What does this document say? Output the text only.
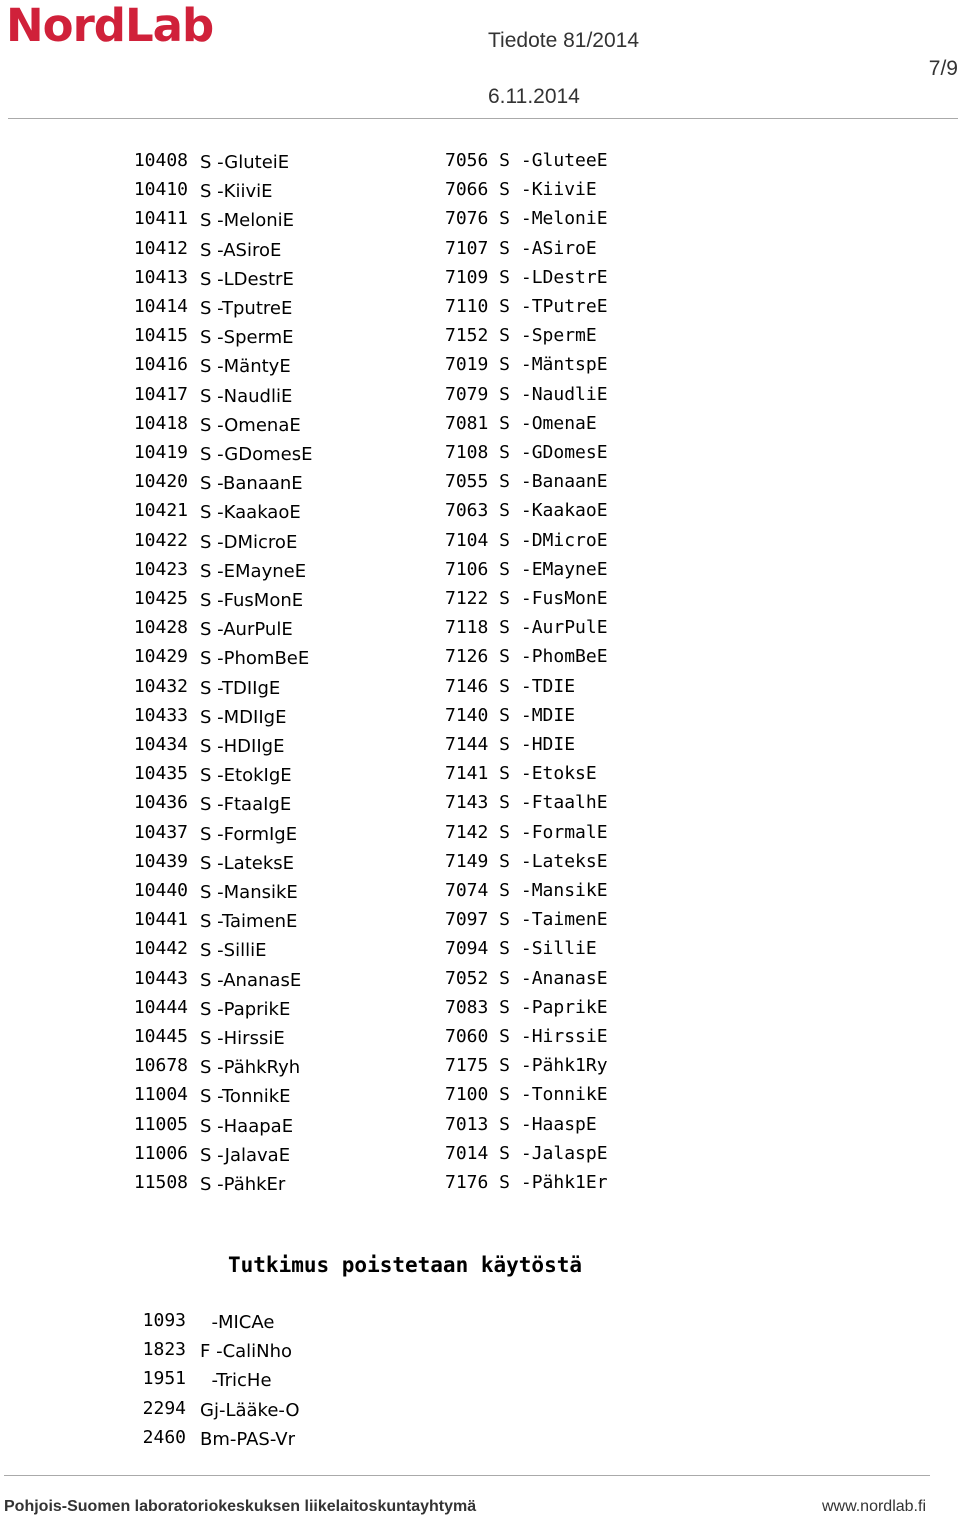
NordLab	Tiedote 81/2014
6.11.2014
7/9
10408 S -GluteiE	7056 S -GluteeE
10410 S -KiiviE	7066 S -KiiviE
10411 S -MeloniE	7076 S -MeloniE
10412 S -ASiroE	7107 S -ASiroE
10413 S -LDestrE	7109 S -LDestrE
10414 S -TputreE	7110 S -TPutreE
10415 S -SpermE	7152 S -SpermE
10416 S -MäntyE	7019 S -MäntspE
10417 S -NaudliE	7079 S -NaudliE
10418 S -OmenaE	7081 S -OmenaE
10419 S -GDomesE	7108 S -GDomesE
10420 S -BanaanE	7055 S -BanaanE
10421 S -KaakaoE	7063 S -KaakaoE
10422 S -DMicroE	7104 S -DMicroE
10423 S -EMayneE	7106 S -EMayneE
10425 S -FusMonE	7122 S -FusMonE
10428 S -AurPulE	7118 S -AurPulE
10429 S -PhomBeE	7126 S -PhomBeE
10432 S -TDIIgE	7146 S -TDIE
10433 S -MDIIgE	7140 S -MDIE
10434 S -HDIIgE	7144 S -HDIE
10435 S -EtokIgE	7141 S -EtoksE
10436 S -FtaaIgE	7143 S -FtaalhE
10437 S -FormIgE	7142 S -FormalE
10439 S -LateksE	7149 S -LateksE
10440 S -MansikE	7074 S -MansikE
10441 S -TaimenE	7097 S -TaimenE
10442 S -SilliE	7094 S -SilliE
10443 S -AnanasE	7052 S -AnanasE
10444 S -PaprikE	7083 S -PaprikE
10445 S -HirssiE	7060 S -HirssiE
10678 S -PähkRyh	7175 S -Pähk1Ry
11004 S -TonnikE	7100 S -TonnikE
11005 S -HaapaE	7013 S -HaaspE
11006 S -JalavaE	7014 S -JalaspE
11508 S -PähkEr	7176 S -Pähk1Er
Tutkimus poistetaan käytöstä
1093 -MICAe
1823 F -CaliNho
1951 -TricHe
2294 Gj-Lääke-O
2460 Bm-PAS-Vr
Pohjois-Suomen laboratoriokeskuksen liikelaitoskuntayhtymä	www.nordlab.fi
